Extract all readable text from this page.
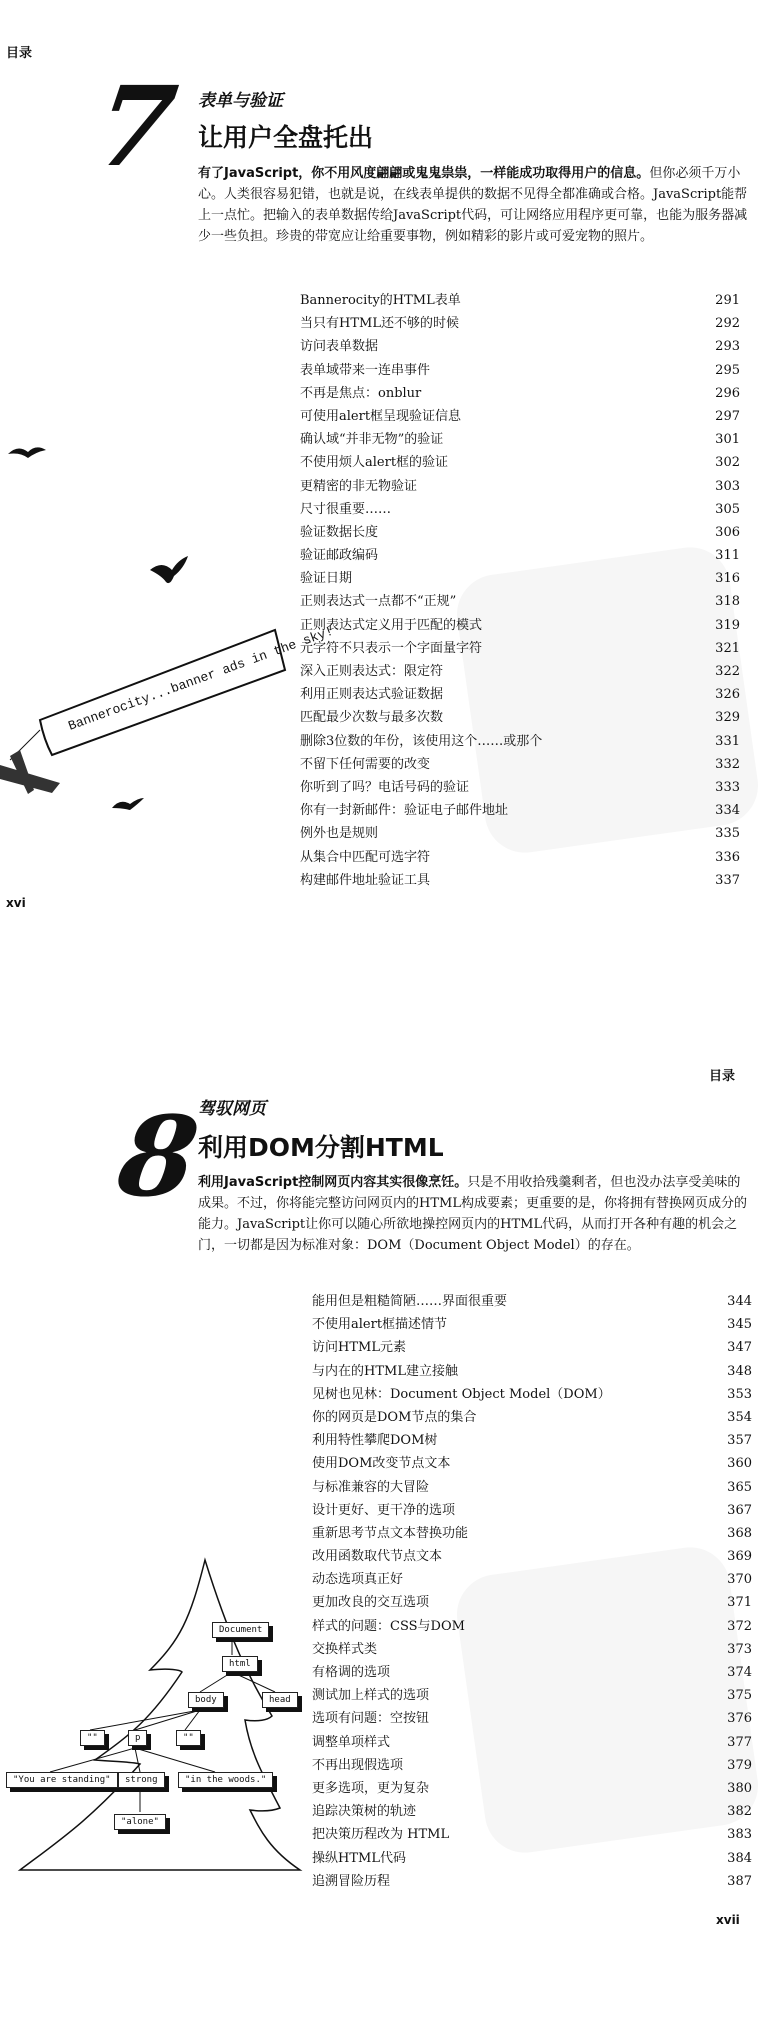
目录
7 表单与验证
让用户全盘托出
有了JavaScript，你不用风度翩翩或鬼鬼祟祟，一样能成功取得用户的信息。但你必须千万小心。人类很容易犯错，也就是说，在线表单提供的数据不见得全都准确或合格。JavaScript能帮上一点忙。把输入的表单数据传给JavaScript代码，可让网络应用程序更可靠，也能为服务器减少一些负担。珍贵的带宽应让给重要事物，例如精彩的影片或可爱宠物的照片。
Bannerocity的HTML表单	291
当只有HTML还不够的时候	292
访问表单数据	293
表单域带来一连串事件	295
不再是焦点：onblur	296
可使用alert框呈现验证信息	297
确认域“并非无物”的验证	301
不使用烦人alert框的验证	302
更精密的非无物验证	303
尺寸很重要……	305
验证数据长度	306
验证邮政编码	311
验证日期	316
正则表达式一点都不“正规”	318
正则表达式定义用于匹配的模式	319
元字符不只表示一个字面量字符	321
深入正则表达式：限定符	322
利用正则表达式验证数据	326
匹配最少次数与最多次数	329
删除3位数的年份，该使用这个……或那个	331
不留下任何需要的改变	332
你听到了吗？电话号码的验证	333
你有一封新邮件：验证电子邮件地址	334
例外也是规则	335
从集合中匹配可选字符	336
构建邮件地址验证工具	337
Bannerocity...banner ads in the sky!
xvi
目录
8
驾驭网页
利用DOM分割HTML
利用JavaScript控制网页内容其实很像烹饪。只是不用收拾残羹剩者，但也没办法享受美味的成果。不过，你将能完整访问网页内的HTML构成要素；更重要的是，你将拥有替换网页成分的能力。JavaScript让你可以随心所欲地操控网页内的HTML代码，从而打开各种有趣的机会之门，一切都是因为标准对象：DOM（Document Object Model）的存在。
能用但是粗糙简陋……界面很重要	344
不使用alert框描述情节	345
访问HTML元素	347
与内在的HTML建立接触	348
见树也见林：Document Object Model（DOM）	353
你的网页是DOM节点的集合	354
利用特性攀爬DOM树	357
使用DOM改变节点文本	360
与标准兼容的大冒险	365
设计更好、更干净的选项	367
重新思考节点文本替换功能	368
改用函数取代节点文本	369
动态选项真正好	370
更加改良的交互选项	371
样式的问题：CSS与DOM	372
交换样式类	373
有格调的选项	374
测试加上样式的选项	375
选项有问题：空按钮	376
调整单项样式	377
不再出现假选项	379
更多选项，更为复杂	380
追踪决策树的轨迹	382
把决策历程改为 HTML	383
操纵HTML代码	384
追溯冒险历程	387
Document
html
body	head
""	p	""
"You are standing"	strong	"in the woods."
"alone"
xvii
